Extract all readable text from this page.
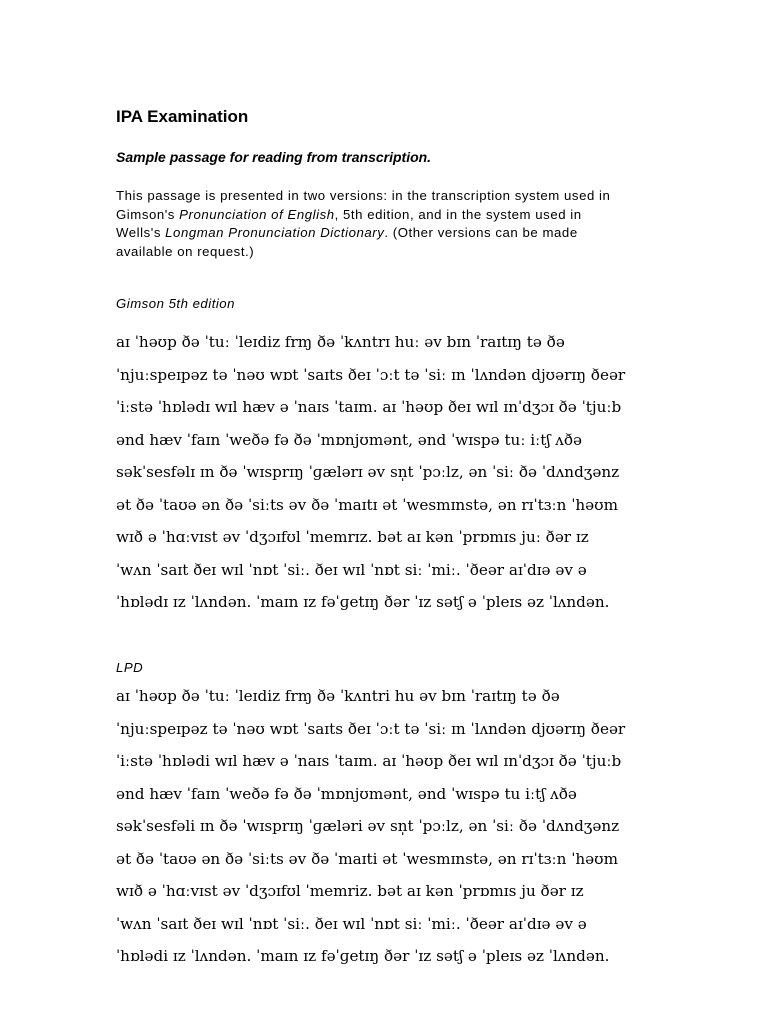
IPA Examination

Sample passage for reading from transcription.

This passage is presented in two versions: in the transcription system used in
Gimson's Pronunciation of English, 5th edition, and in the system used in
Wells's Longman Pronunciation Dictionary. (Other versions can be made
available on request.)

Gimson 5th edition

aɪ ˈhəʊp ðə ˈtuː ˈleɪdiz frɱ ðə ˈkʌntrɪ huː əv bɪn ˈraɪtɪŋ tə ðə
ˈnjuːspeɪpəz tə ˈnəʊ wɒt ˈsaɪts ðeɪ ˈɔːt tə ˈsiː ɪn ˈlʌndən djʊərɪŋ ðeər
ˈiːstə ˈhɒlədɪ wɪl hæv ə ˈnaɪs ˈtaɪm. aɪ ˈhəʊp ðeɪ wɪl ɪnˈdʒɔɪ ðə ˈtjuːb
ənd hæv ˈfaɪn ˈweðə fə ðə ˈmɒnjʊmənt, ənd ˈwɪspə tuː iːtʃ ʌðə
səkˈsesfəlɪ ɪn ðə ˈwɪsprɪŋ ˈɡælərɪ əv sn̩t ˈpɔːlz, ən ˈsiː ðə ˈdʌndʒənz
ət ðə ˈtaʊə ən ðə ˈsiːts əv ðə ˈmaɪtɪ ət ˈwesmɪnstə, ən rɪˈtɜːn ˈhəʊm
wɪð ə ˈhɑːvɪst əv ˈdʒɔɪfʊl ˈmemrɪz. bət aɪ kən ˈprɒmɪs juː ðər ɪz
ˈwʌn ˈsaɪt ðeɪ wɪl ˈnɒt ˈsiː. ðeɪ wɪl ˈnɒt siː ˈmiː. ˈðeər aɪˈdɪə əv ə
ˈhɒlədɪ ɪz ˈlʌndən. ˈmaɪn ɪz fəˈɡetɪŋ ðər ˈɪz sətʃ ə ˈpleɪs əz ˈlʌndən.

LPD

aɪ ˈhəʊp ðə ˈtuː ˈleɪdiz frɱ ðə ˈkʌntri hu əv bɪn ˈraɪtɪŋ tə ðə
ˈnjuːspeɪpəz tə ˈnəʊ wɒt ˈsaɪts ðeɪ ˈɔːt tə ˈsiː ɪn ˈlʌndən djʊərɪŋ ðeər
ˈiːstə ˈhɒlədi wɪl hæv ə ˈnaɪs ˈtaɪm. aɪ ˈhəʊp ðeɪ wɪl ɪnˈdʒɔɪ ðə ˈtjuːb
ənd hæv ˈfaɪn ˈweðə fə ðə ˈmɒnjʊmənt, ənd ˈwɪspə tu iːtʃ ʌðə
səkˈsesfəli ɪn ðə ˈwɪsprɪŋ ˈɡæləri əv sn̩t ˈpɔːlz, ən ˈsiː ðə ˈdʌndʒənz
ət ðə ˈtaʊə ən ðə ˈsiːts əv ðə ˈmaɪti ət ˈwesmɪnstə, ən rɪˈtɜːn ˈhəʊm
wɪð ə ˈhɑːvɪst əv ˈdʒɔɪfʊl ˈmemriz. bət aɪ kən ˈprɒmɪs ju ðər ɪz
ˈwʌn ˈsaɪt ðeɪ wɪl ˈnɒt ˈsiː. ðeɪ wɪl ˈnɒt siː ˈmiː. ˈðeər aɪˈdɪə əv ə
ˈhɒlədi ɪz ˈlʌndən. ˈmaɪn ɪz fəˈɡetɪŋ ðər ˈɪz sətʃ ə ˈpleɪs əz ˈlʌndən.
